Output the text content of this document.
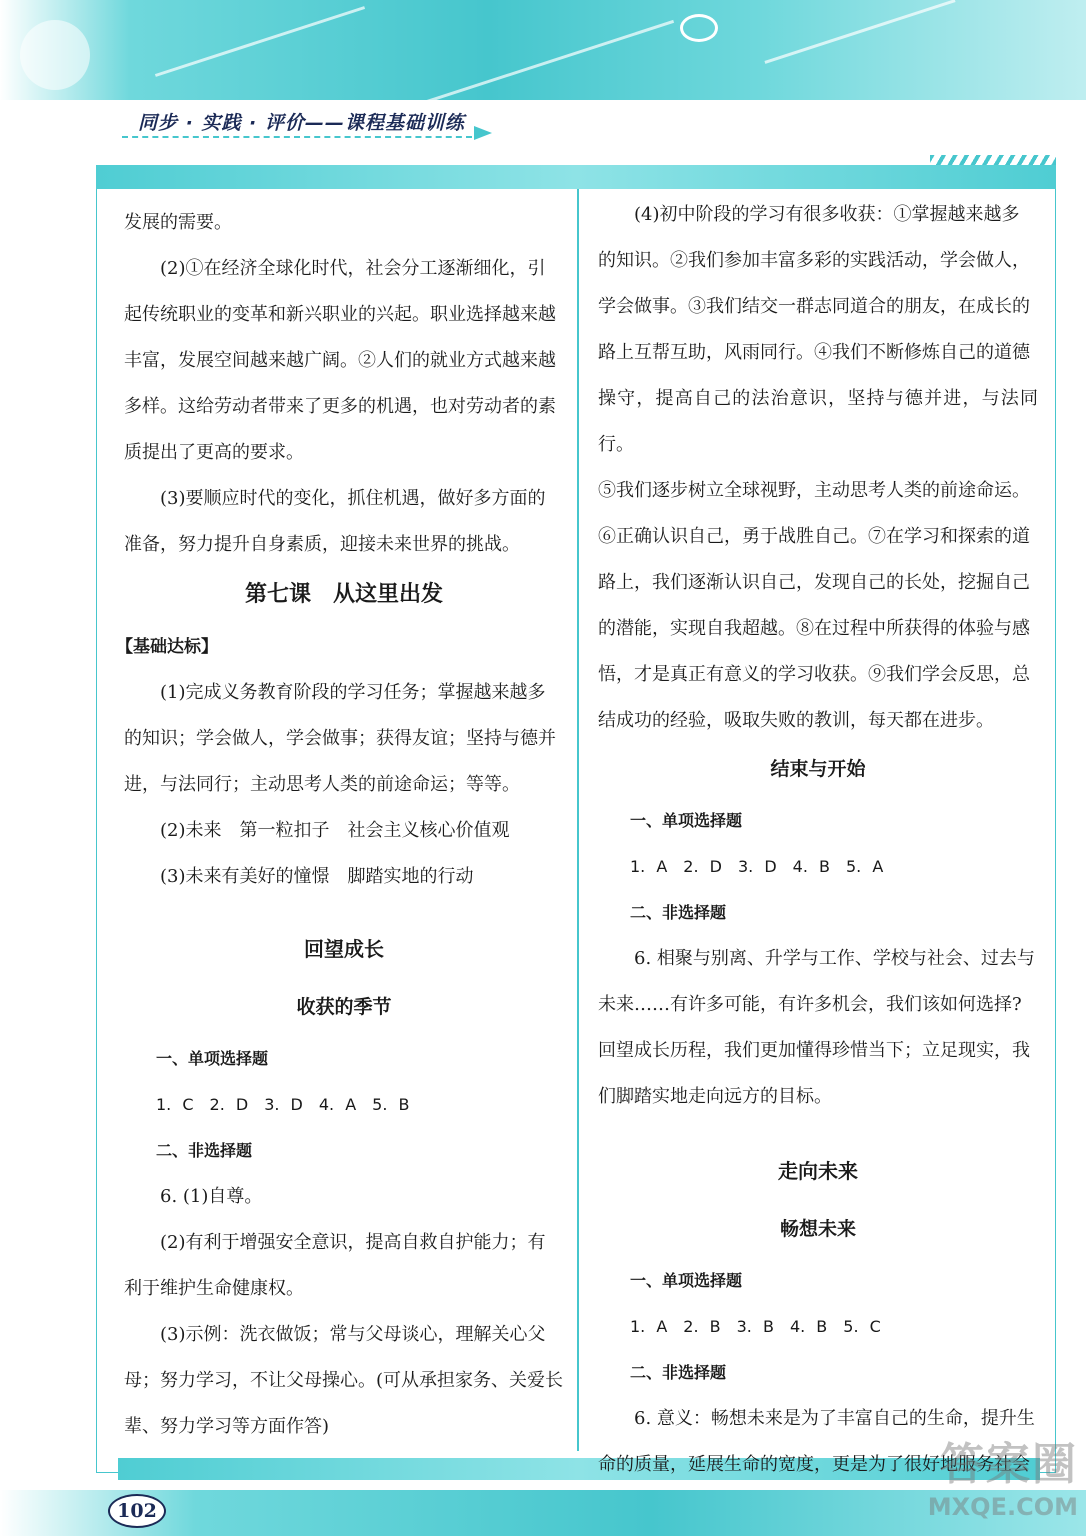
同步 · 实践 · 评价——课程基础训练
发展的需要。
(2)①在经济全球化时代，社会分工逐渐细化，引
起传统职业的变革和新兴职业的兴起。职业选择越来越
丰富，发展空间越来越广阔。②人们的就业方式越来越
多样。这给劳动者带来了更多的机遇，也对劳动者的素
质提出了更高的要求。
(3)要顺应时代的变化，抓住机遇，做好多方面的
准备，努力提升自身素质，迎接未来世界的挑战。
第七课　从这里出发
【基础达标】
(1)完成义务教育阶段的学习任务；掌握越来越多
的知识；学会做人，学会做事；获得友谊；坚持与德并
进，与法同行；主动思考人类的前途命运；等等。
(2)未来　第一粒扣子　社会主义核心价值观
(3)未来有美好的憧憬　脚踏实地的行动
回望成长
收获的季节
一、单项选择题
1. C　2. D　3. D　4. A　5. B
二、非选择题
6. (1)自尊。
(2)有利于增强安全意识，提高自救自护能力；有
利于维护生命健康权。
(3)示例：洗衣做饭；常与父母谈心，理解关心父
母；努力学习，不让父母操心。(可从承担家务、关爱长
辈、努力学习等方面作答)
(4)初中阶段的学习有很多收获：①掌握越来越多
的知识。②我们参加丰富多彩的实践活动，学会做人，
学会做事。③我们结交一群志同道合的朋友，在成长的
路上互帮互助，风雨同行。④我们不断修炼自己的道德
操守，提高自己的法治意识，坚持与德并进，与法同行。
⑤我们逐步树立全球视野，主动思考人类的前途命运。
⑥正确认识自己，勇于战胜自己。⑦在学习和探索的道
路上，我们逐渐认识自己，发现自己的长处，挖掘自己
的潜能，实现自我超越。⑧在过程中所获得的体验与感
悟，才是真正有意义的学习收获。⑨我们学会反思，总
结成功的经验，吸取失败的教训，每天都在进步。
结束与开始
一、单项选择题
1. A　2. D　3. D　4. B　5. A
二、非选择题
6. 相聚与别离、升学与工作、学校与社会、过去与
未来……有许多可能，有许多机会，我们该如何选择?
回望成长历程，我们更加懂得珍惜当下；立足现实，我
们脚踏实地走向远方的目标。
走向未来
畅想未来
一、单项选择题
1. A　2. B　3. B　4. B　5. C
二、非选择题
6. 意义：畅想未来是为了丰富自己的生命，提升生
命的质量，延展生命的宽度，更是为了很好地服务社会
102
答案圈
MXQE.COM
